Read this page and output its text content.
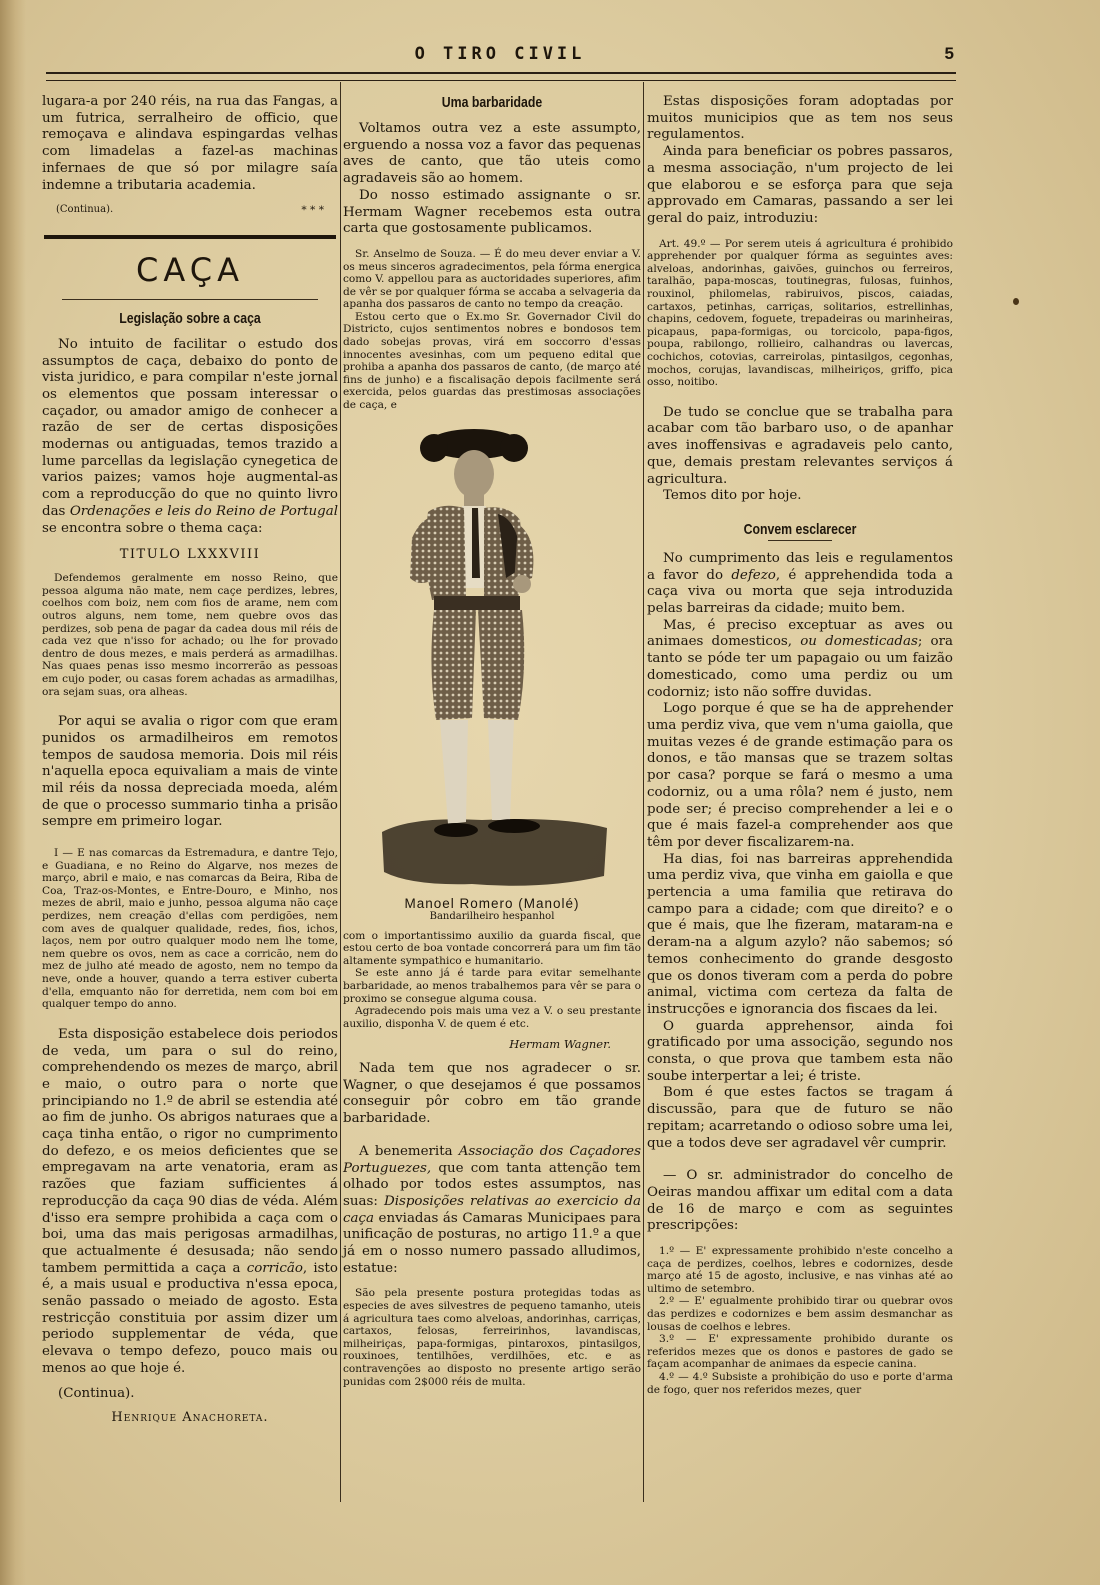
O TIRO CIVIL	5

lugara-a por 240 réis, na rua das Fangas, a um futrica, serralheiro de officio, que remoçava e alindava espingardas velhas com limadelas a fazel-as machinas infernaes de que só por milagre saía indemne a tributaria academia.

(Continua).	* * *
CAÇA
Legislação sobre a caça

No intuito de facilitar o estudo dos assumptos de caça, debaixo do ponto de vista juridico, e para compilar n'este jornal os elementos que possam interessar o caçador, ou amador amigo de conhecer a razão de ser de certas disposições modernas ou antiguadas, temos trazido a lume parcellas da legislação cynegetica de varios paizes; vamos hoje augmental-as com a reproducção do que no quinto livro das Ordenações e leis do Reino de Portugal se encontra sobre o thema caça:

TITULO LXXXVIII

Defendemos geralmente em nosso Reino, que pessoa alguma não mate, nem caçe perdizes, lebres, coelhos com boiz, nem com fios de arame, nem com outros alguns, nem tome, nem quebre ovos das perdizes, sob pena de pagar da cadea dous mil réis de cada vez que n'isso for achado; ou lhe for provado dentro de dous mezes, e mais perderá as armadilhas. Nas quaes penas isso mesmo incorrerão as pessoas em cujo poder, ou casas forem achadas as armadilhas, ora sejam suas, ora alheas.

Por aqui se avalia o rigor com que eram punidos os armadilheiros em remotos tempos de saudosa memoria. Dois mil réis n'aquella epoca equivaliam a mais de vinte mil réis da nossa depreciada moeda, além de que o processo summario tinha a prisão sempre em primeiro logar.

I — E nas comarcas da Estremadura, e dantre Tejo, e Guadiana, e no Reino do Algarve, nos mezes de março, abril e maio, e nas comarcas da Beira, Riba de Coa, Traz-os-Montes, e Entre-Douro, e Minho, nos mezes de abril, maio e junho, pessoa alguma não caçe perdizes, nem creação d'ellas com perdigões, nem com aves de qualquer qualidade, redes, fios, ichos, laços, nem por outro qualquer modo nem lhe tome, nem quebre os ovos, nem as cace a corricão, nem do mez de julho até meado de agosto, nem no tempo da neve, onde a houver, quando a terra estiver cuberta d'ella, emquanto não for derretida, nem com boi em qualquer tempo do anno.

Esta disposição estabelece dois periodos de veda, um para o sul do reino, comprehendendo os mezes de março, abril e maio, o outro para o norte que principiando no 1.º de abril se estendia até ao fim de junho. Os abrigos naturaes que a caça tinha então, o rigor no cumprimento do defezo, e os meios deficientes que se empregavam na arte venatoria, eram as razões que faziam sufficientes á reproducção da caça 90 dias de véda. Além d'isso era sempre prohibida a caça com o boi, uma das mais perigosas armadilhas, que actualmente é desusada; não sendo tambem permittida a caça a corricão, isto é, a mais usual e productiva n'essa epoca, senão passado o meiado de agosto. Esta restricção constituia por assim dizer um periodo supplementar de véda, que elevava o tempo defezo, pouco mais ou menos ao que hoje é.

(Continua).

Henrique Anachoreta.

Uma barbaridade

Voltamos outra vez a este assumpto, erguendo a nossa voz a favor das pequenas aves de canto, que tão uteis como agradaveis são ao homem.

Do nosso estimado assignante o sr. Hermam Wagner recebemos esta outra carta que gostosamente publicamos.

Sr. Anselmo de Souza. — É do meu dever enviar a V. os meus sinceros agradecimentos, pela fórma energica como V. appellou para as auctoridades superiores, afim de vêr se por qualquer fórma se accaba a selvageria da apanha dos passaros de canto no tempo da creação.

Estou certo que o Ex.mo Sr. Governador Civil do Districto, cujos sentimentos nobres e bondosos tem dado sobejas provas, virá em soccorro d'essas innocentes avesinhas, com um pequeno edital que prohiba a apanha dos passaros de canto, (de março até fins de junho) e a fiscalisação depois facilmente será exercida, pelos guardas das prestimosas associações de caça, e

Manoel Romero (Manolé)
Bandarilheiro hespanhol

com o importantissimo auxilio da guarda fiscal, que estou certo de boa vontade concorrerá para um fim tão altamente sympathico e humanitario.

Se este anno já é tarde para evitar semelhante barbaridade, ao menos trabalhemos para vêr se para o proximo se consegue alguma cousa.

Agradecendo pois mais uma vez a V. o seu prestante auxilio, disponha V. de quem é etc.

Hermam Wagner.

Nada tem que nos agradecer o sr. Wagner, o que desejamos é que possamos conseguir pôr cobro em tão grande barbaridade.

A benemerita Associação dos Caçadores Portuguezes, que com tanta attenção tem olhado por todos estes assumptos, nas suas: Disposições relativas ao exercicio da caça enviadas ás Camaras Municipaes para unificação de posturas, no artigo 11.º a que já em o nosso numero passado alludimos, estatue:

São pela presente postura protegidas todas as especies de aves silvestres de pequeno tamanho, uteis á agricultura taes como alveloas, andorinhas, carriças, cartaxos, felosas, ferreirinhos, lavandiscas, milheiriças, papa-formigas, pintaroxos, pintasilgos, rouxinoes, tentilhões, verdilhões, etc. e as contravenções ao disposto no presente artigo serão punidas com 2$000 réis de multa.

Estas disposições foram adoptadas por muitos municipios que as tem nos seus regulamentos.

Ainda para beneficiar os pobres passaros, a mesma associação, n'um projecto de lei que elaborou e se esforça para que seja approvado em Camaras, passando a ser lei geral do paiz, introduziu:

Art. 49.º — Por serem uteis á agricultura é prohibido apprehender por qualquer fórma as seguintes aves: alveloas, andorinhas, gaivões, guinchos ou ferreiros, taralhão, papa-moscas, toutinegras, fulosas, fuinhos, rouxinol, philomelas, rabiruivos, piscos, caiadas, cartaxos, petinhas, carriças, solitarios, estrellinhas, chapins, cedovem, foguete, trepadeiras ou marinheiras, picapaus, papa-formigas, ou torcicolo, papa-figos, poupa, rabilongo, rollieiro, calhandras ou lavercas, cochichos, cotovias, carreirolas, pintasilgos, cegonhas, mochos, corujas, lavandiscas, milheiriços, griffo, pica osso, noitibo.

De tudo se conclue que se trabalha para acabar com tão barbaro uso, o de apanhar aves inoffensivas e agradaveis pelo canto, que, demais prestam relevantes serviços á agricultura.

Temos dito por hoje.

Convem esclarecer

No cumprimento das leis e regulamentos a favor do defezo, é apprehendida toda a caça viva ou morta que seja introduzida pelas barreiras da cidade; muito bem.

Mas, é preciso exceptuar as aves ou animaes domesticos, ou domesticadas; ora tanto se póde ter um papagaio ou um faizão domesticado, como uma perdiz ou um codorniz; isto não soffre duvidas.

Logo porque é que se ha de apprehender uma perdiz viva, que vem n'uma gaiolla, que muitas vezes é de grande estimação para os donos, e tão mansas que se trazem soltas por casa? porque se fará o mesmo a uma codorniz, ou a uma rôla? nem é justo, nem pode ser; é preciso comprehender a lei e o que é mais fazel-a comprehender aos que têm por dever fiscalizarem-na.

Ha dias, foi nas barreiras apprehendida uma perdiz viva, que vinha em gaiolla e que pertencia a uma familia que retirava do campo para a cidade; com que direito? e o que é mais, que lhe fizeram, mataram-na e deram-na a algum azylo? não sabemos; só temos conhecimento do grande desgosto que os donos tiveram com a perda do pobre animal, victima com certeza da falta de instrucções e ignorancia dos fiscaes da lei.

O guarda apprehensor, ainda foi gratificado por uma associção, segundo nos consta, o que prova que tambem esta não soube interpertar a lei; é triste.

Bom é que estes factos se tragam á discussão, para que de futuro se não repitam; acarretando o odioso sobre uma lei, que a todos deve ser agradavel vêr cumprir.

— O sr. administrador do concelho de Oeiras mandou affixar um edital com a data de 16 de março e com as seguintes prescripções:

1.º — E' expressamente prohibido n'este concelho a caça de perdizes, coelhos, lebres e codornizes, desde março até 15 de agosto, inclusive, e nas vinhas até ao ultimo de setembro.

2.º — E' egualmente prohibido tirar ou quebrar ovos das perdizes e codornizes e bem assim desmanchar as lousas de coelhos e lebres.

3.º — E' expressamente prohibido durante os referidos mezes que os donos e pastores de gado se façam acompanhar de animaes da especie canina.

4.º — 4.º Subsiste a prohibição do uso e porte d'arma de fogo, quer nos referidos mezes, quer
